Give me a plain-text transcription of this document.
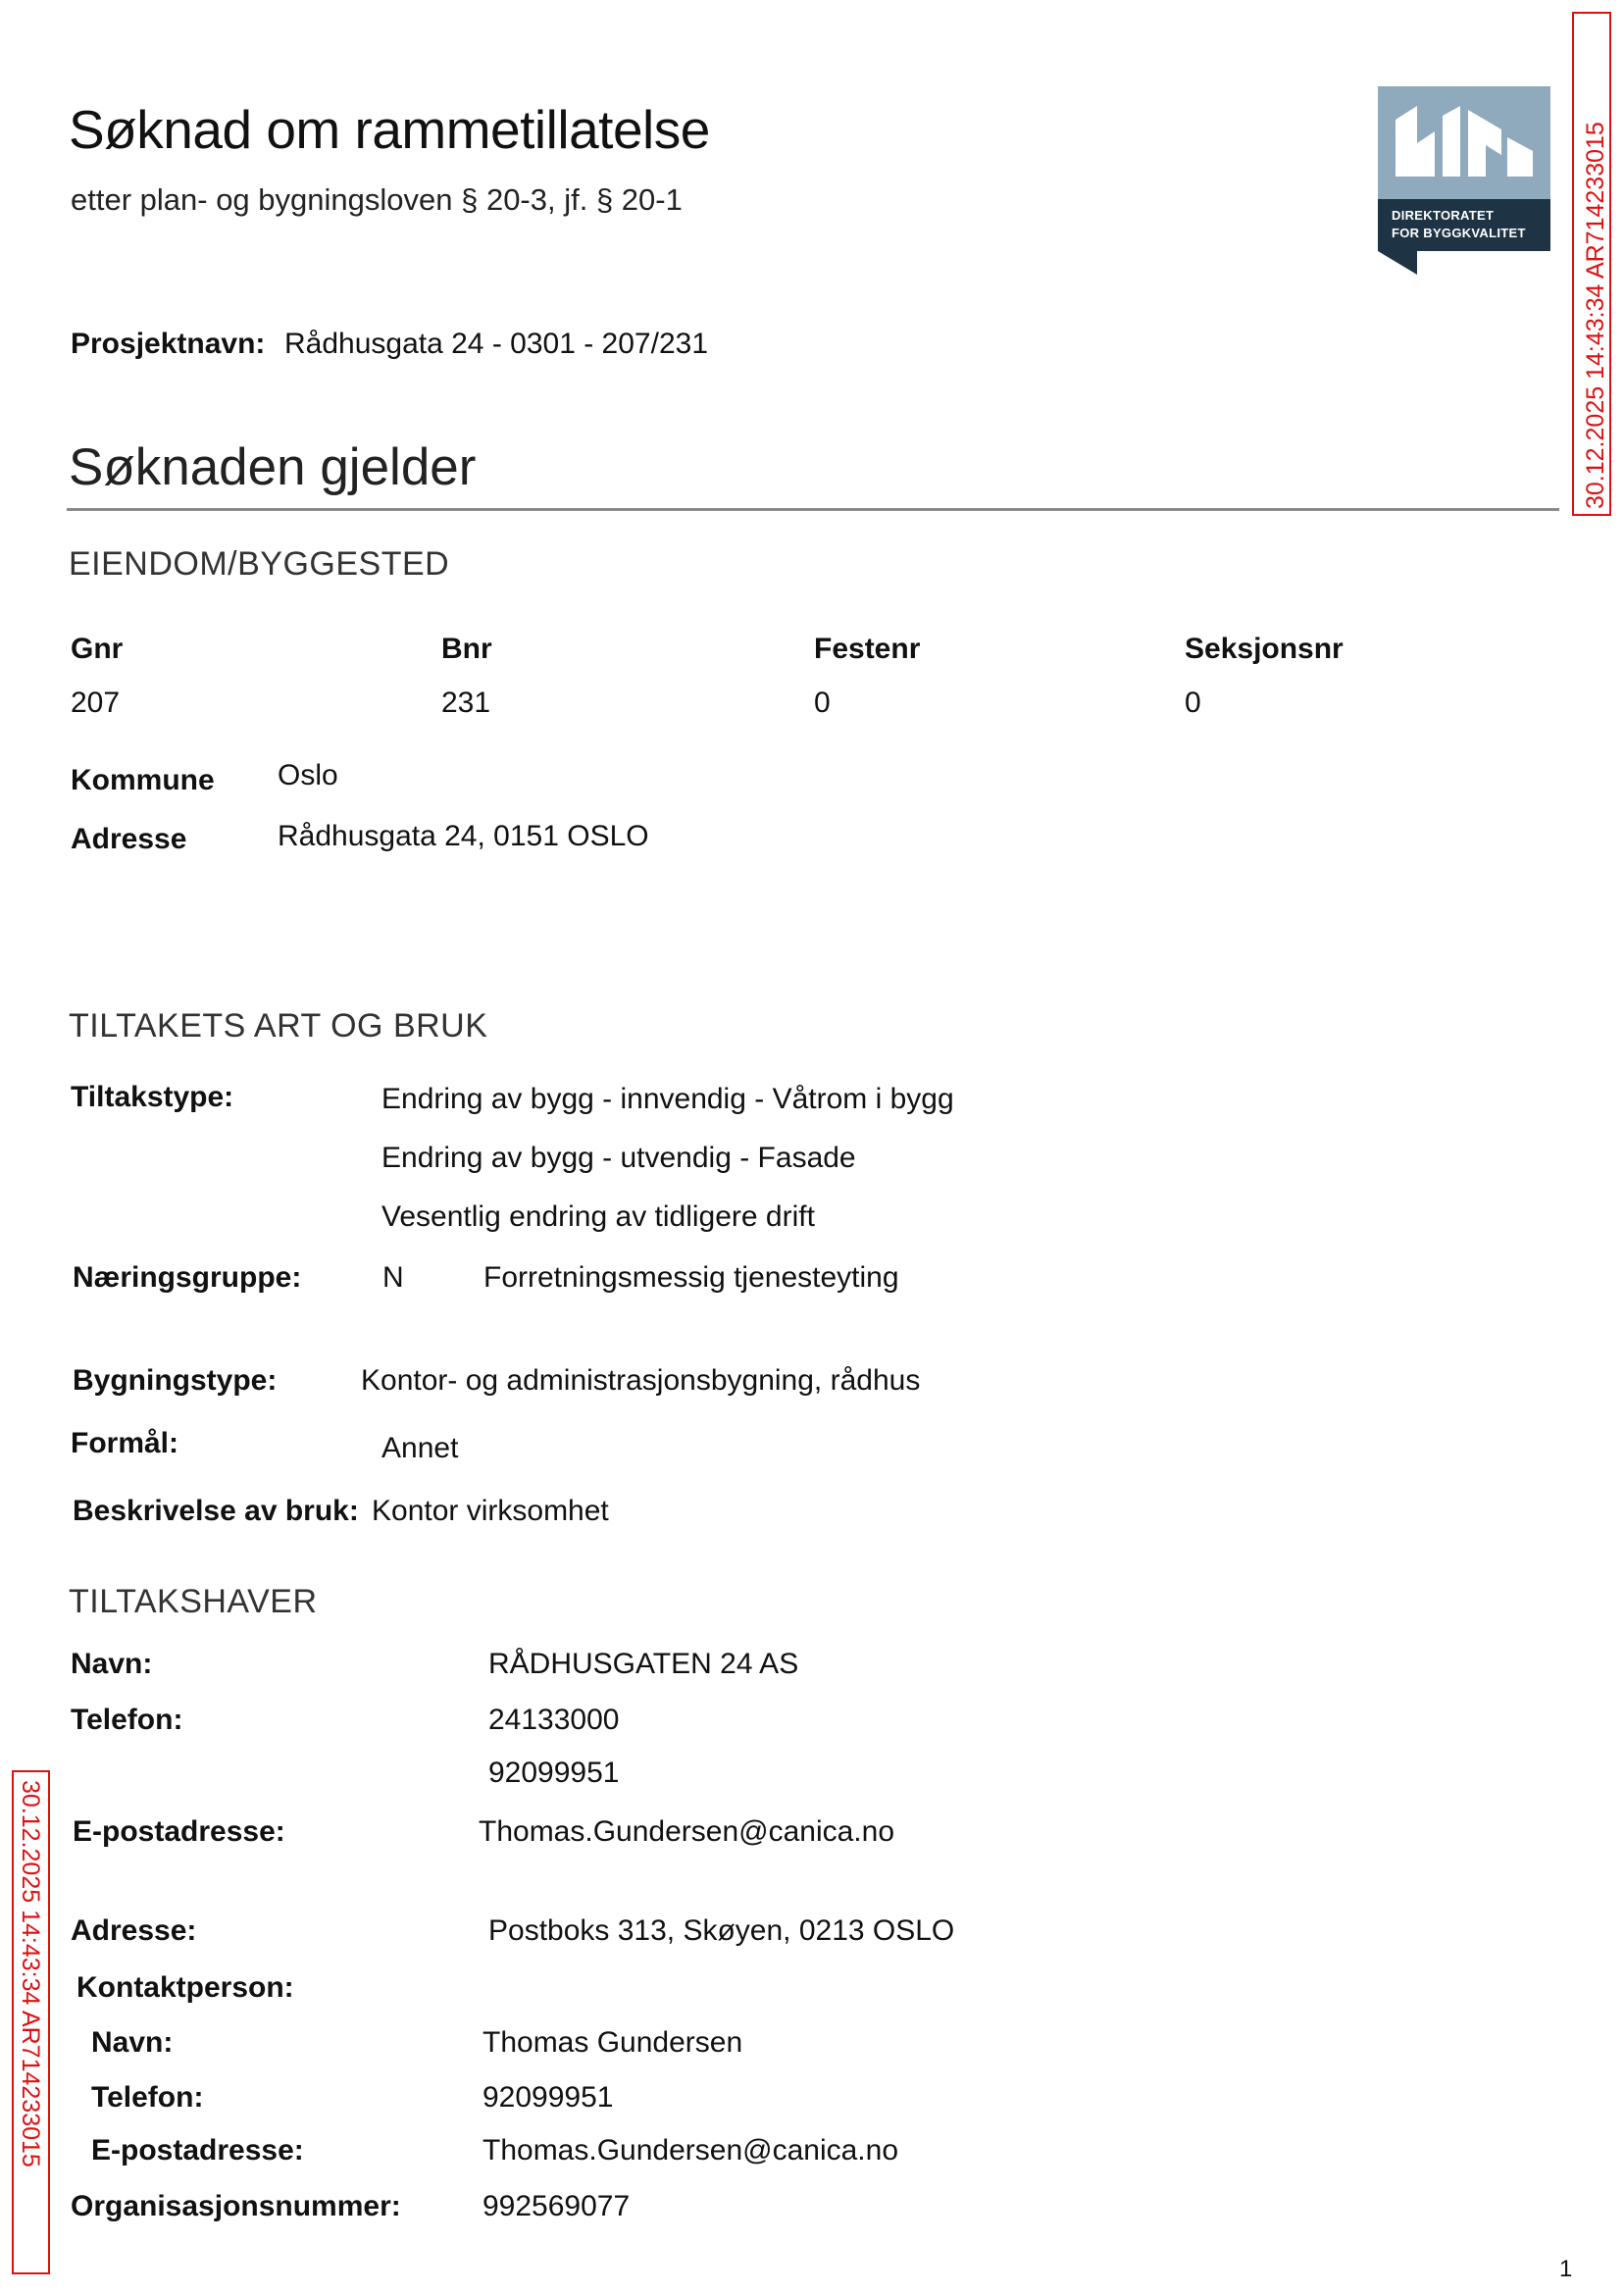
Søknad om rammetillatelse
etter plan- og bygningsloven § 20-3, jf. § 20-1	DIREKTORATET
FOR BYGGKVALITET
Prosjektnavn: Rådhusgata 24 - 0301 - 207/231
Søknaden gjelder
EIENDOM/BYGGESTED
Gnr	Bnr	Festenr	Seksjonsnr
207	231	0	0
Kommune Oslo
Adresse	Rådhusgata 24, 0151 OSLO
TILTAKETS ART OG BRUK
Tiltakstype:	Endring av bygg - innvendig - Våtrom i bygg
Endring av bygg - utvendig - Fasade
Vesentlig endring av tidligere drift
Næringsgruppe:	N	Forretningsmessig tjenesteyting
Bygningstype:	Kontor- og administrasjonsbygning, rådhus
Formål:	Annet
Beskrivelse av bruk: Kontor virksomhet
TILTAKSHAVER
Navn:	RÅDHUSGATEN 24 AS
Telefon:	24133000
92099951
E-postadresse:	Thomas.Gundersen@canica.no
Adresse:	Postboks 313, Skøyen, 0213 OSLO
Kontaktperson:
Navn:	Thomas Gundersen
Telefon:	92099951
E-postadresse:	Thomas.Gundersen@canica.no
Organisasjonsnummer:	992569077
1
30.12.2025 14:43:34 AR714233015
30.12.2025 14:43:34 AR714233015
